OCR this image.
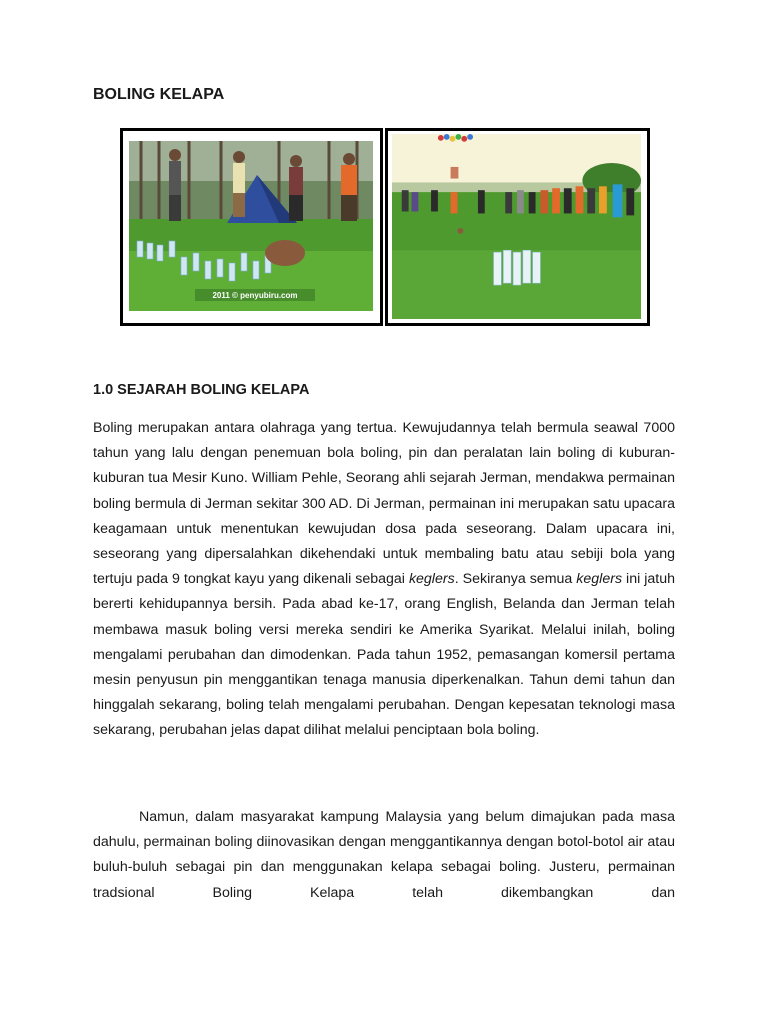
BOLING KELAPA
2011 © penyubiru.com
1.0 SEJARAH BOLING KELAPA

Boling merupakan antara olahraga yang tertua. Kewujudannya telah bermula seawal 7000 tahun yang lalu dengan penemuan bola boling, pin dan peralatan lain boling di kuburan-kuburan tua Mesir Kuno. William Pehle, Seorang ahli sejarah Jerman, mendakwa permainan boling bermula di Jerman sekitar 300 AD. Di Jerman, permainan ini merupakan satu upacara keagamaan untuk menentukan kewujudan dosa pada seseorang. Dalam upacara ini, seseorang yang dipersalahkan dikehendaki untuk membaling batu atau sebiji bola yang tertuju pada 9 tongkat kayu yang dikenali sebagai keglers. Sekiranya semua keglers ini jatuh bererti kehidupannya bersih. Pada abad ke-17, orang English, Belanda dan Jerman telah membawa masuk boling versi mereka sendiri ke Amerika Syarikat. Melalui inilah, boling mengalami perubahan dan dimodenkan. Pada tahun 1952, pemasangan komersil pertama mesin penyusun pin menggantikan tenaga manusia diperkenalkan. Tahun demi tahun dan hinggalah sekarang, boling telah mengalami perubahan. Dengan kepesatan teknologi masa sekarang, perubahan jelas dapat dilihat melalui penciptaan bola boling.

Namun, dalam masyarakat kampung Malaysia yang belum dimajukan pada masa dahulu, permainan boling diinovasikan dengan menggantikannya dengan botol-botol air atau buluh-buluh sebagai pin dan menggunakan kelapa sebagai boling. Justeru, permainan tradsional Boling Kelapa telah dikembangkan dan
